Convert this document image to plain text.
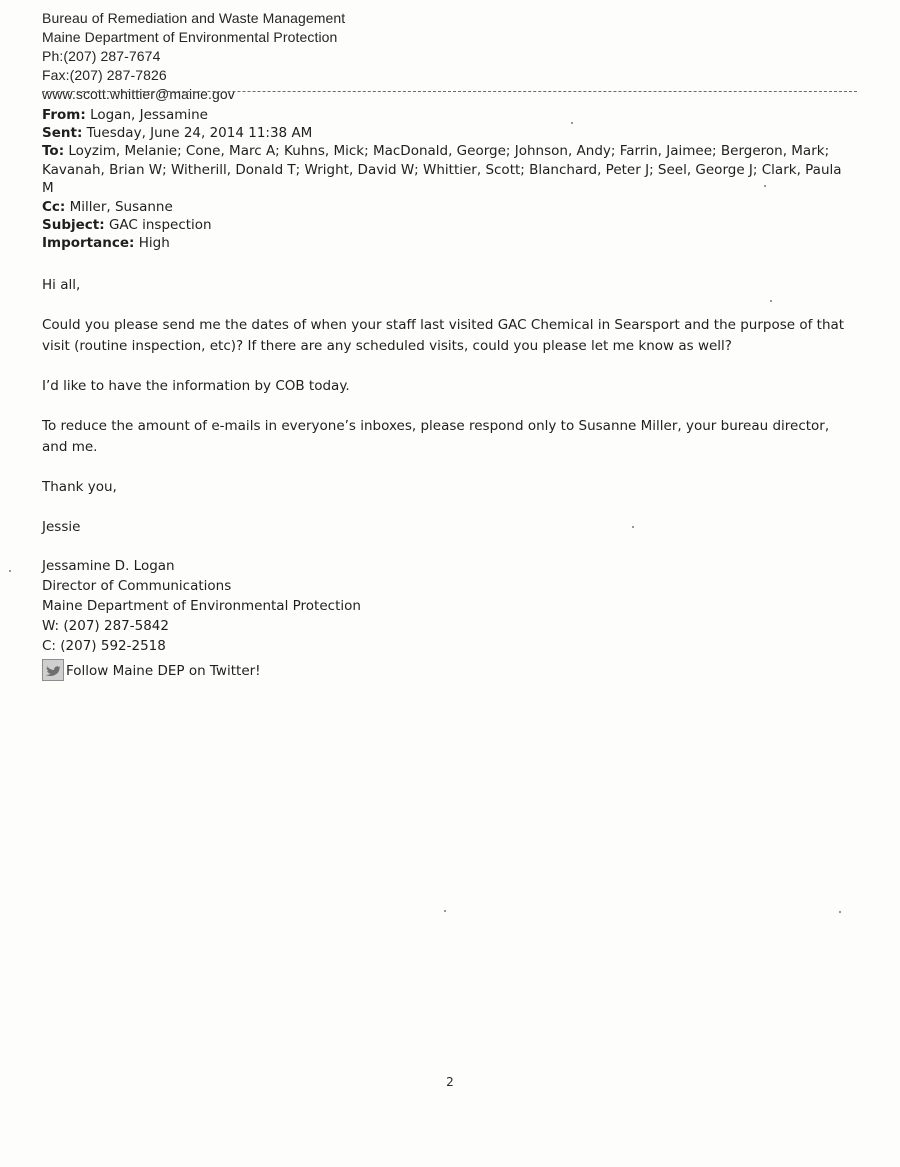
Bureau of Remediation and Waste Management
Maine Department of Environmental Protection
Ph:(207) 287-7674
Fax:(207) 287-7826
www.scott.whittier@maine.gov
From: Logan, Jessamine
Sent: Tuesday, June 24, 2014 11:38 AM
To: Loyzim, Melanie; Cone, Marc A; Kuhns, Mick; MacDonald, George; Johnson, Andy; Farrin, Jaimee; Bergeron, Mark; Kavanah, Brian W; Witherill, Donald T; Wright, David W; Whittier, Scott; Blanchard, Peter J; Seel, George J; Clark, Paula M
Cc: Miller, Susanne
Subject: GAC inspection
Importance: High

Hi all,

Could you please send me the dates of when your staff last visited GAC Chemical in Searsport and the purpose of that visit (routine inspection, etc)? If there are any scheduled visits, could you please let me know as well?

I’d like to have the information by COB today.

To reduce the amount of e-mails in everyone’s inboxes, please respond only to Susanne Miller, your bureau director, and me.

Thank you,

Jessie

Jessamine D. Logan
Director of Communications
Maine Department of Environmental Protection
W: (207) 287-5842
C: (207) 592-2518
Follow Maine DEP on Twitter!
2
